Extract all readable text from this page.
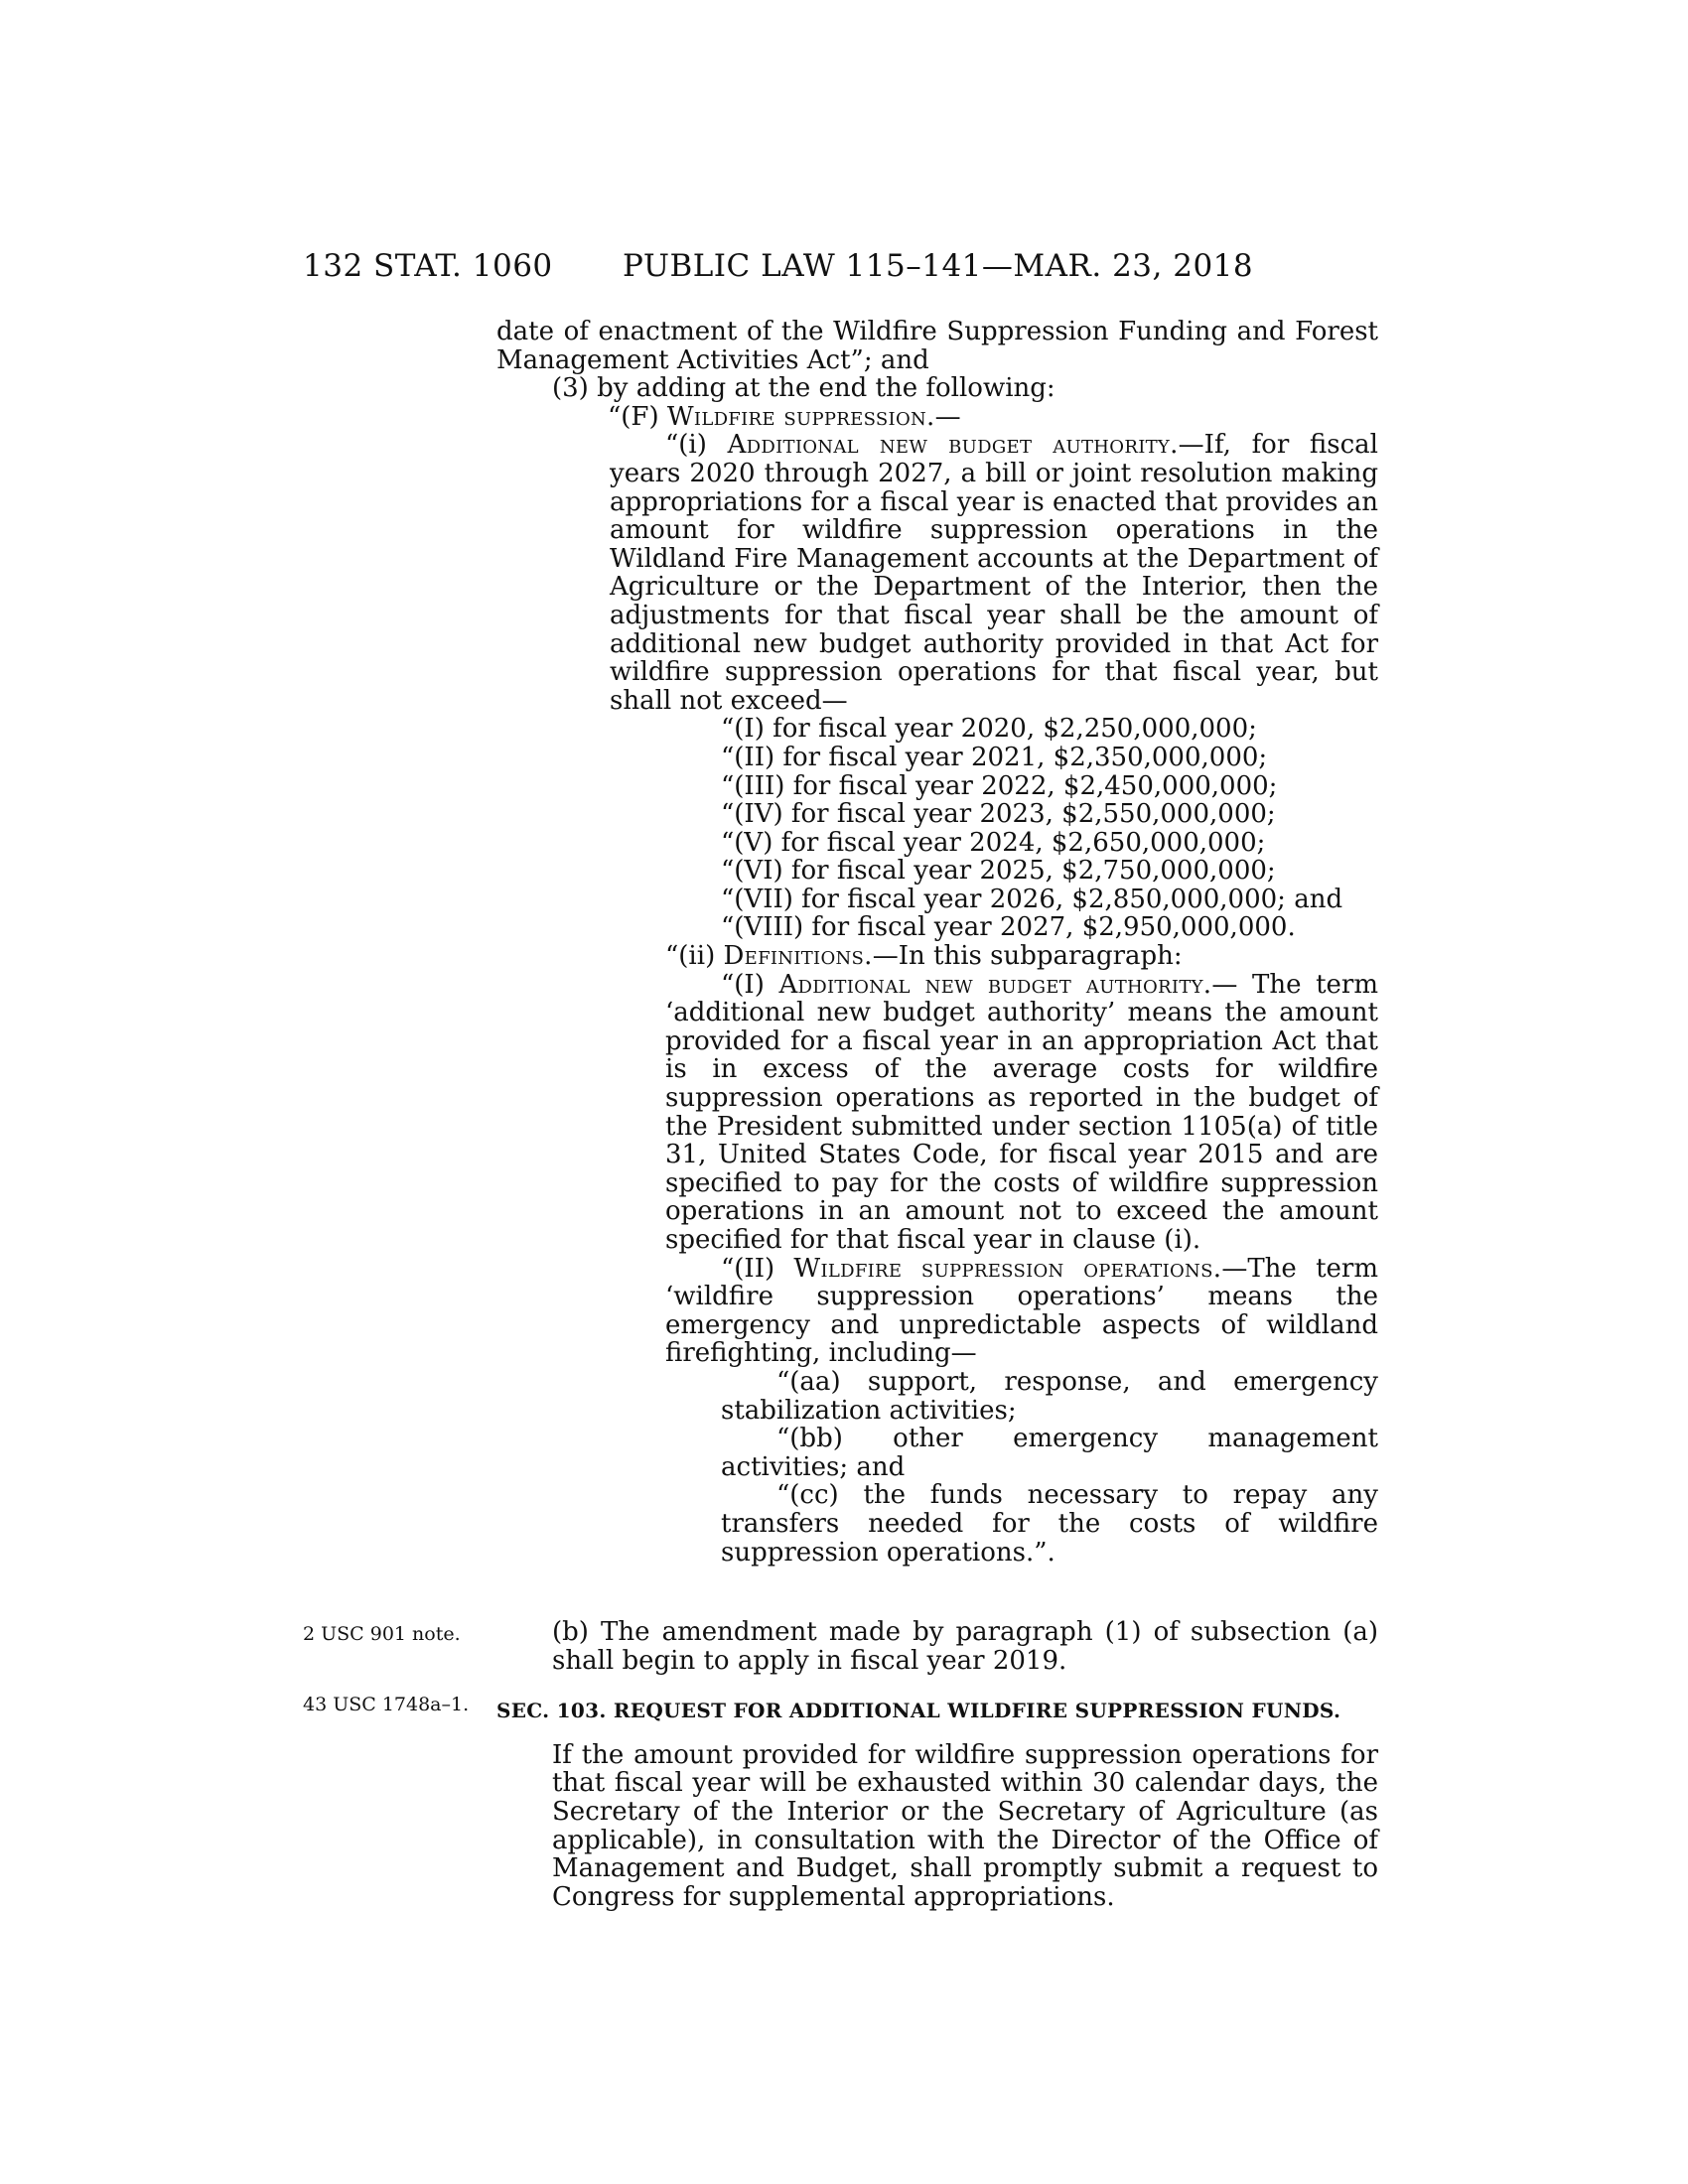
132 STAT. 1060 PUBLIC LAW 115–141—MAR. 23, 2018

date of enactment of the Wildfire Suppression Funding and Forest Management Activities Act”; and

(3) by adding at the end the following:

“(F) Wildfire suppression.—

“(i) Additional new budget authority.—If, for fiscal years 2020 through 2027, a bill or joint resolution making appropriations for a fiscal year is enacted that provides an amount for wildfire suppression operations in the Wildland Fire Management accounts at the Department of Agriculture or the Department of the Interior, then the adjustments for that fiscal year shall be the amount of additional new budget authority provided in that Act for wildfire suppression operations for that fiscal year, but shall not exceed—

“(I) for fiscal year 2020, $2,250,000,000;

“(II) for fiscal year 2021, $2,350,000,000;

“(III) for fiscal year 2022, $2,450,000,000;

“(IV) for fiscal year 2023, $2,550,000,000;

“(V) for fiscal year 2024, $2,650,000,000;

“(VI) for fiscal year 2025, $2,750,000,000;

“(VII) for fiscal year 2026, $2,850,000,000; and

“(VIII) for fiscal year 2027, $2,950,000,000.

“(ii) Definitions.—In this subparagraph:

“(I) Additional new budget authority.— The term ‘additional new budget authority’ means the amount provided for a fiscal year in an appropriation Act that is in excess of the average costs for wildfire suppression operations as reported in the budget of the President submitted under section 1105(a) of title 31, United States Code, for fiscal year 2015 and are specified to pay for the costs of wildfire suppression operations in an amount not to exceed the amount specified for that fiscal year in clause (i).

“(II) Wildfire suppression operations.—The term ‘wildfire suppression operations’ means the emergency and unpredictable aspects of wildland firefighting, including—

“(aa) support, response, and emergency stabilization activities;

“(bb) other emergency management activities; and

“(cc) the funds necessary to repay any transfers needed for the costs of wildfire suppression operations.”.

2 USC 901 note.
43 USC 1748a–1.

(b) The amendment made by paragraph (1) of subsection (a) shall begin to apply in fiscal year 2019.

SEC. 103. REQUEST FOR ADDITIONAL WILDFIRE SUPPRESSION FUNDS.

If the amount provided for wildfire suppression operations for that fiscal year will be exhausted within 30 calendar days, the Secretary of the Interior or the Secretary of Agriculture (as applicable), in consultation with the Director of the Office of Management and Budget, shall promptly submit a request to Congress for supplemental appropriations.
